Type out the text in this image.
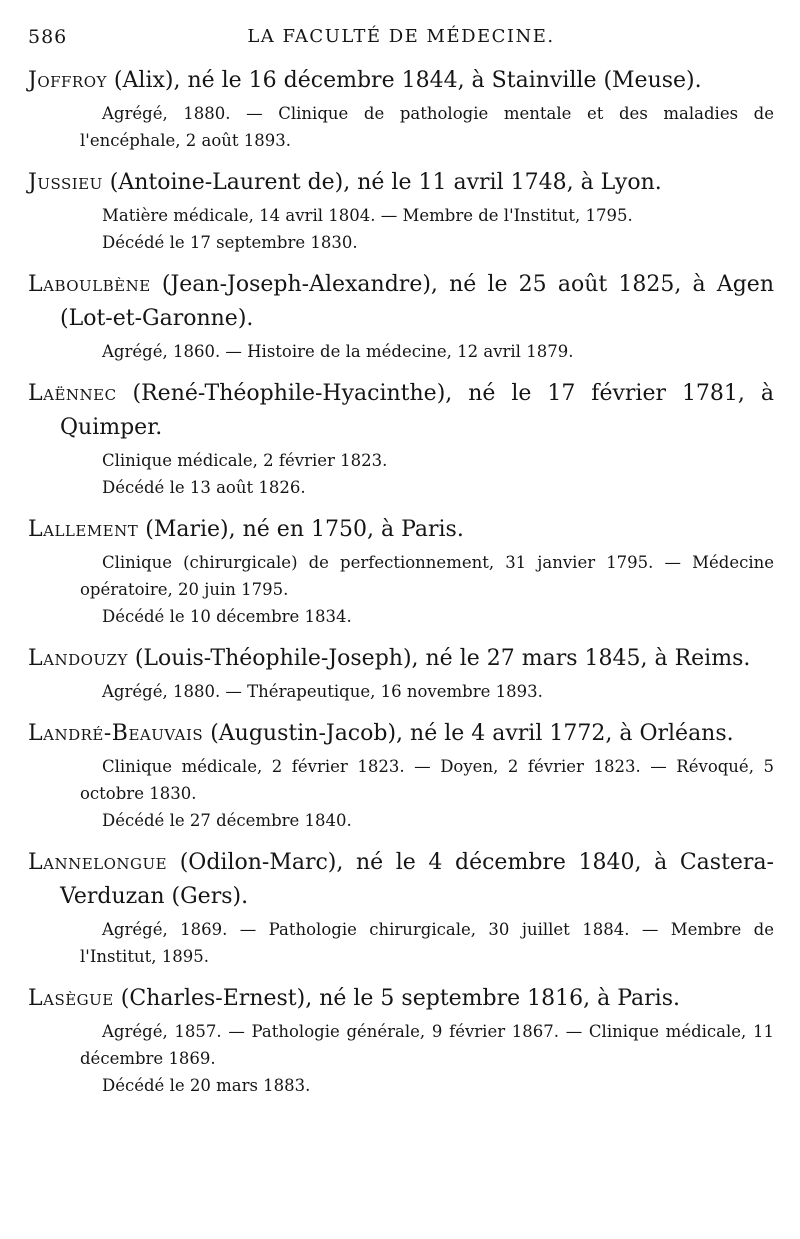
586	LA FACULTÉ DE MÉDECINE.
Joffroy (Alix), né le 16 décembre 1844, à Stainville (Meuse).

Agrégé, 1880. — Clinique de pathologie mentale et des maladies de l'encéphale, 2 août 1893.

Jussieu (Antoine-Laurent de), né le 11 avril 1748, à Lyon.

Matière médicale, 14 avril 1804. — Membre de l'Institut, 1795.

Décédé le 17 septembre 1830.

Laboulbène (Jean-Joseph-Alexandre), né le 25 août 1825, à Agen (Lot-et-Garonne).

Agrégé, 1860. — Histoire de la médecine, 12 avril 1879.

Laënnec (René-Théophile-Hyacinthe), né le 17 février 1781, à Quimper.

Clinique médicale, 2 février 1823.

Décédé le 13 août 1826.

Lallement (Marie), né en 1750, à Paris.

Clinique (chirurgicale) de perfectionnement, 31 janvier 1795. — Médecine opératoire, 20 juin 1795.

Décédé le 10 décembre 1834.

Landouzy (Louis-Théophile-Joseph), né le 27 mars 1845, à Reims.

Agrégé, 1880. — Thérapeutique, 16 novembre 1893.

Landré-Beauvais (Augustin-Jacob), né le 4 avril 1772, à Orléans.

Clinique médicale, 2 février 1823. — Doyen, 2 février 1823. — Révoqué, 5 octobre 1830.

Décédé le 27 décembre 1840.

Lannelongue (Odilon-Marc), né le 4 décembre 1840, à Castera-Verduzan (Gers).

Agrégé, 1869. — Pathologie chirurgicale, 30 juillet 1884. — Membre de l'Institut, 1895.

Lasègue (Charles-Ernest), né le 5 septembre 1816, à Paris.

Agrégé, 1857. — Pathologie générale, 9 février 1867. — Clinique médicale, 11 décembre 1869.

Décédé le 20 mars 1883.
